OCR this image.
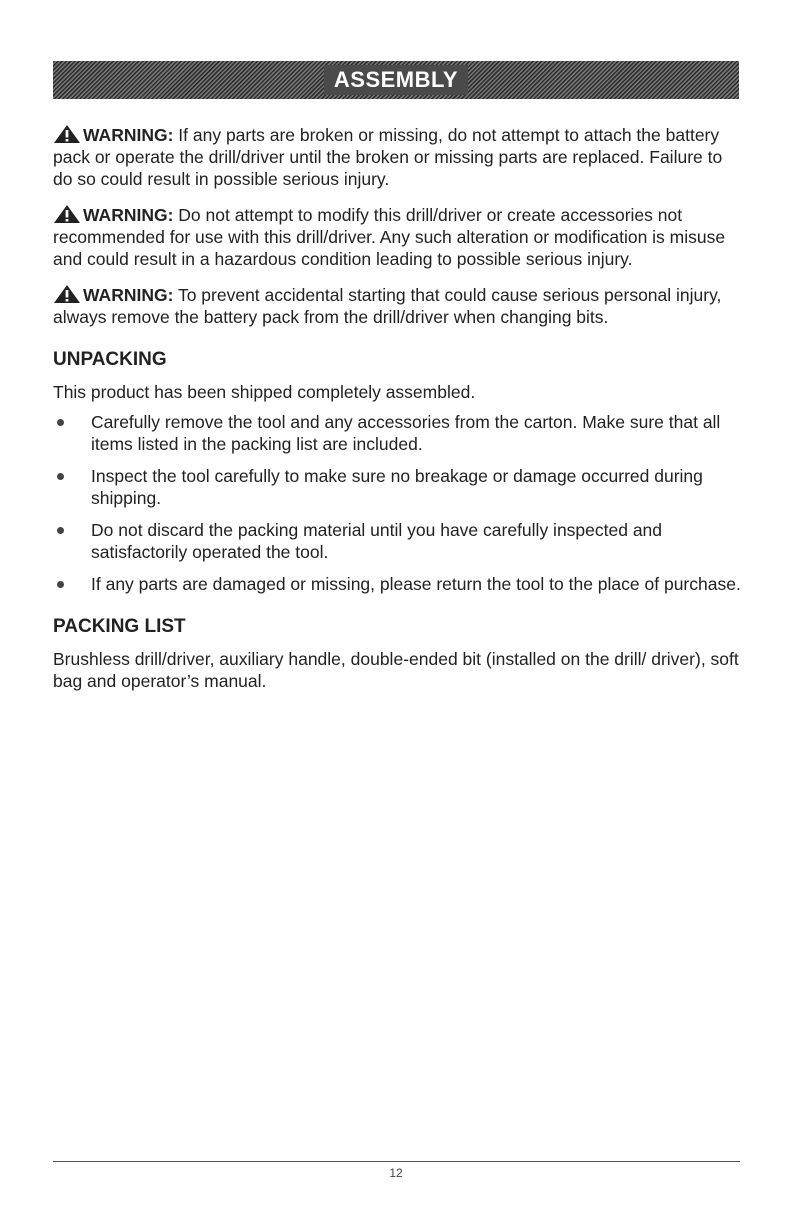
ASSEMBLY

WARNING: If any parts are broken or missing, do not attempt to attach the battery pack or operate the drill/driver until the broken or missing parts are replaced. Failure to do so could result in possible serious injury.

WARNING: Do not attempt to modify this drill/driver or create accessories not recommended for use with this drill/driver. Any such alteration or modification is misuse and could result in a hazardous condition leading to possible serious injury.

WARNING: To prevent accidental starting that could cause serious personal injury, always remove the battery pack from the drill/driver when changing bits.

UNPACKING

This product has been shipped completely assembled.

Carefully remove the tool and any accessories from the carton. Make sure that all items listed in the packing list are included.
Inspect the tool carefully to make sure no breakage or damage occurred during shipping.
Do not discard the packing material until you have carefully inspected and satisfactorily operated the tool.
If any parts are damaged or missing, please return the tool to the place of purchase.
PACKING LIST

Brushless drill/driver, auxiliary handle, double-ended bit (installed on the drill/ driver), soft bag and operator’s manual.

12
